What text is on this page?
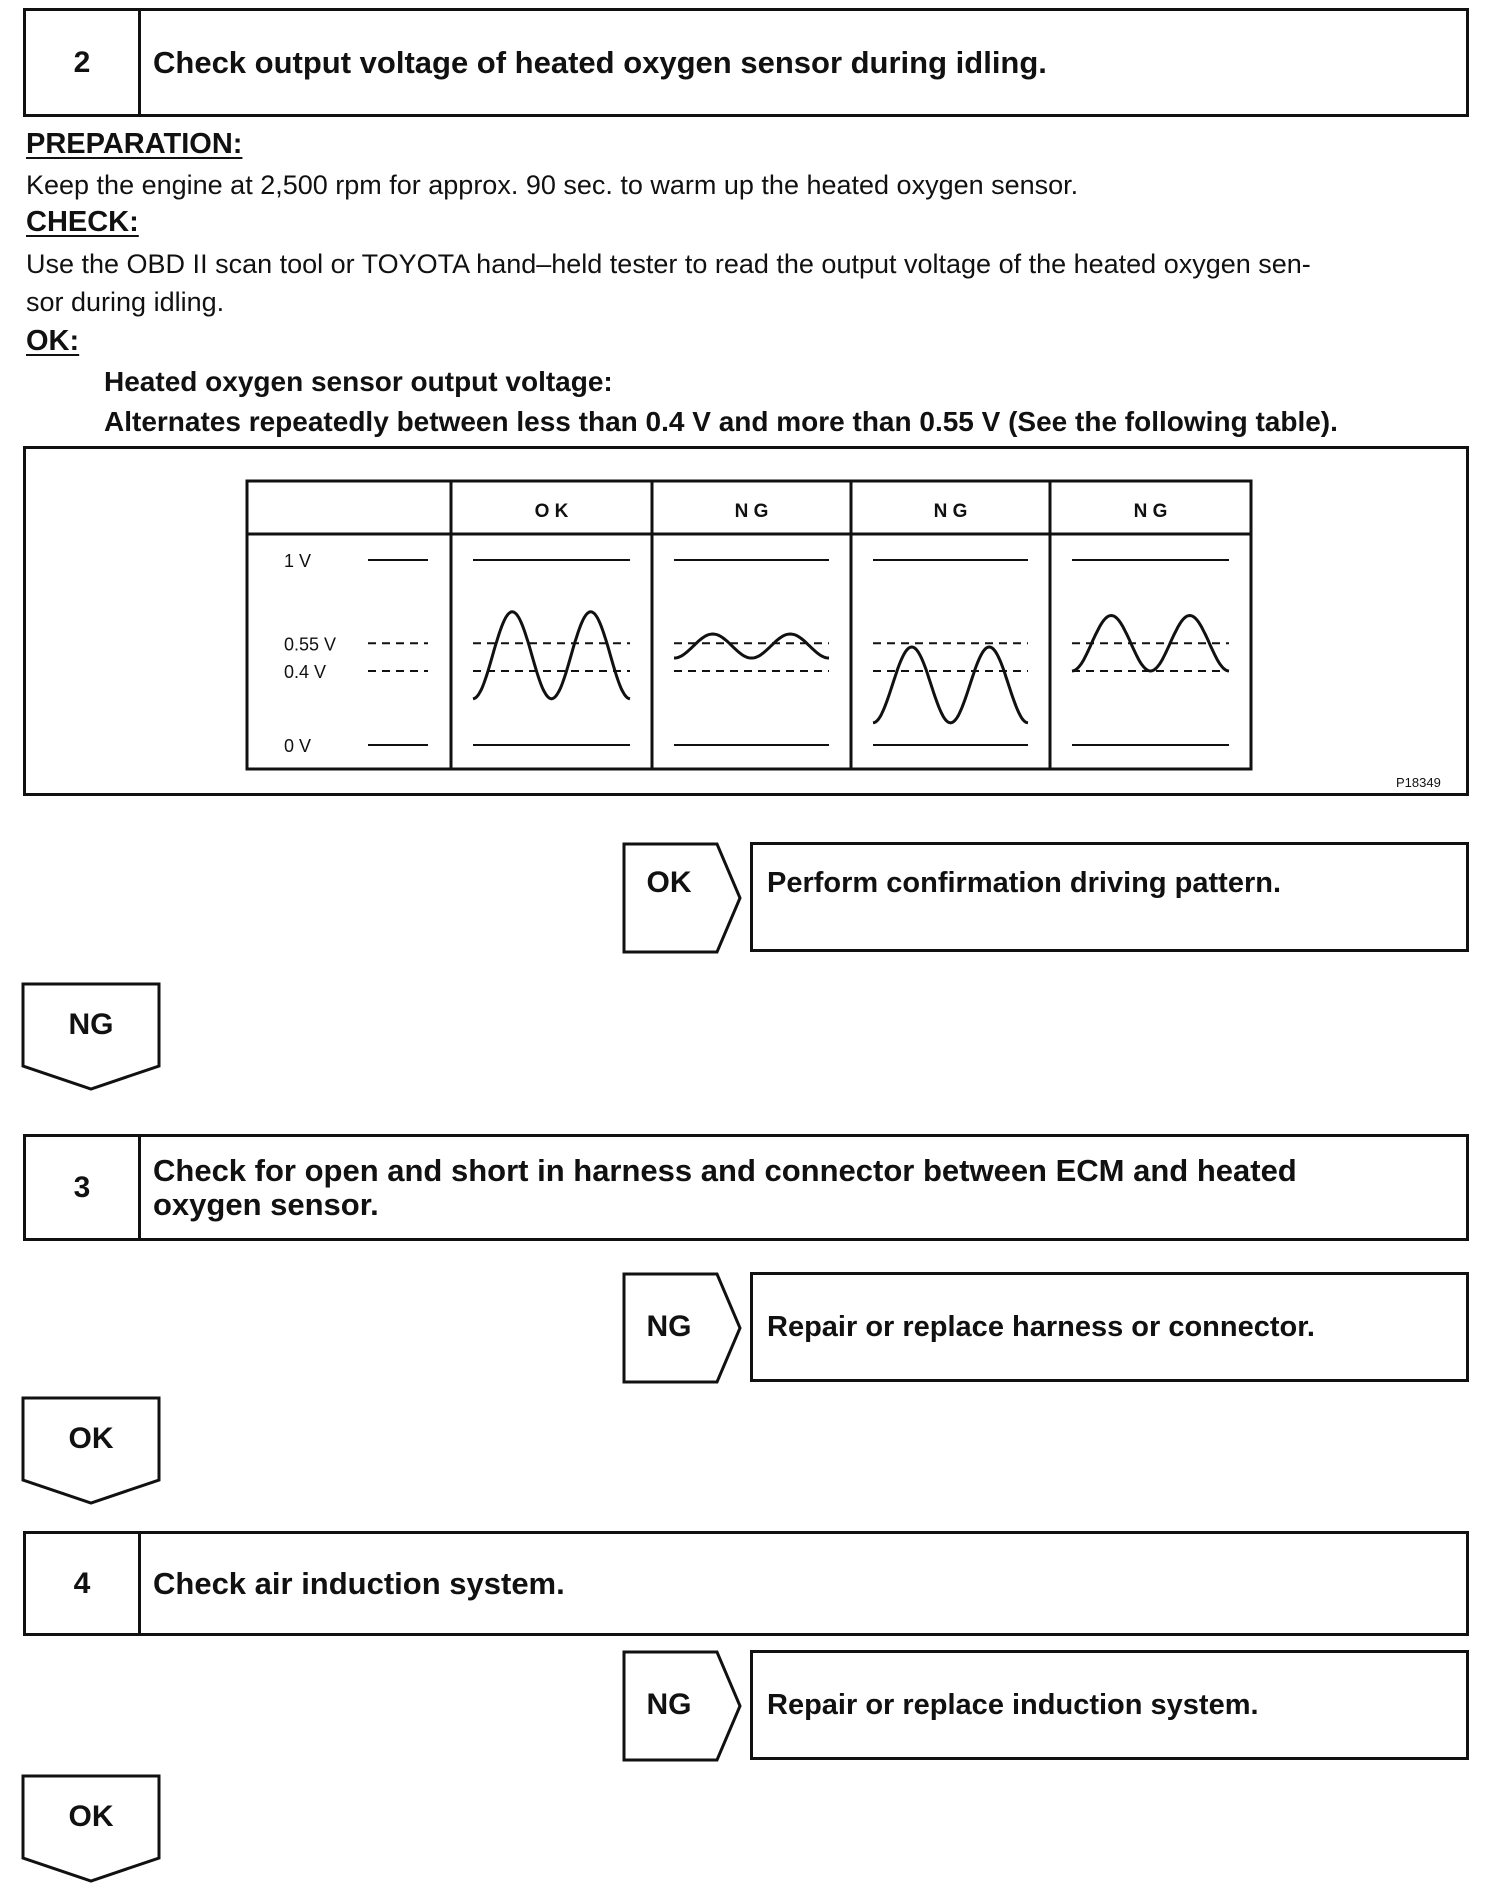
2	Check output voltage of heated oxygen sensor during idling.
PREPARATION:
Keep the engine at 2,500 rpm for approx. 90 sec. to warm up the heated oxygen sensor.
CHECK:
Use the OBD II scan tool or TOYOTA hand–held tester to read the output voltage of the heated oxygen sen-
sor during idling.
OK:
Heated oxygen sensor output voltage:
Alternates repeatedly between less than 0.4 V and more than 0.55 V (See the following table).
O K	N G	N G	N G
1 V
0.55 V
0.4 V
0 V
P18349
OK	Perform confirmation driving pattern.
NG
3	Check for open and short in harness and connector between ECM and heated
oxygen sensor.
NG	Repair or replace harness or connector.
OK
4	Check air induction system.
NG	Repair or replace induction system.
OK
